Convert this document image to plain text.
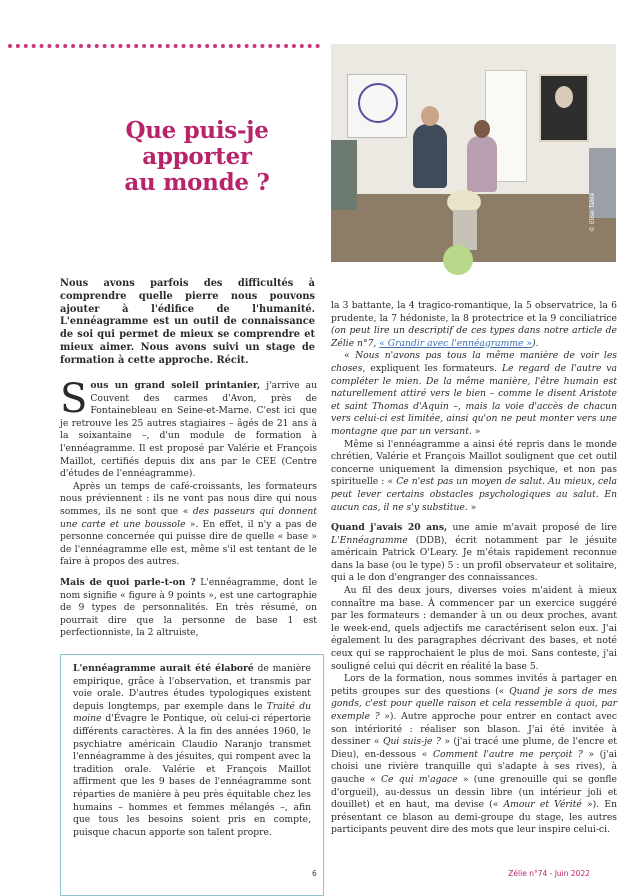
Que puis-je
apporter
au monde ?
© Elise Tablé
Nous avons parfois des difficultés à comprendre quelle pierre nous pouvons ajouter à l'édifice de l'humanité. L'ennéagramme est un outil de connaissance de soi qui permet de mieux se comprendre et mieux aimer. Nous avons suivi un stage de formation à cette approche. Récit.

Sous un grand soleil printanier, j'arrive au Couvent des carmes d'Avon, près de Fontainebleau en Seine-et-Marne. C'est ici que je retrouve les 25 autres stagiaires – âgés de 21 ans à la soixantaine –, d'un module de formation à l'ennéagramme. Il est proposé par Valérie et François Maillot, certifiés depuis dix ans par le CEE (Centre d'études de l'ennéagramme).

Après un temps de café-croissants, les formateurs nous préviennent : ils ne vont pas nous dire qui nous sommes, ils ne sont que « des passeurs qui donnent une carte et une boussole ». En effet, il n'y a pas de personne concernée qui puisse dire de quelle « base » de l'ennéagramme elle est, même s'il est tentant de le faire à propos des autres.

Mais de quoi parle-t-on ? L'ennéagramme, dont le nom signifie « figure à 9 points », est une cartographie de 9 types de personnalités. En très résumé, on pourrait dire que la personne de base 1 est perfectionniste, la 2 altruiste,

L'ennéagramme aurait été élaboré de manière empirique, grâce à l'observation, et transmis par voie orale. D'autres études typologiques existent depuis longtemps, par exemple dans le Traité du moine d'Évagre le Pontique, où celui-ci répertorie différents caractères. À la fin des années 1960, le psychiatre américain Claudio Naranjo transmet l'ennéagramme à des jésuites, qui rompent avec la tradition orale. Valérie et François Maillot affirment que les 9 bases de l'ennéagramme sont réparties de manière à peu près équitable chez les humains – hommes et femmes mélangés –, afin que tous les besoins soient pris en compte, puisque chacun apporte son talent propre.

la 3 battante, la 4 tragico-romantique, la 5 observatrice, la 6 prudente, la 7 hédoniste, la 8 protectrice et la 9 conciliatrice (on peut lire un descriptif de ces types dans notre article de Zélie n°7, « Grandir avec l'ennéagramme »).

« Nous n'avons pas tous la même manière de voir les choses, expliquent les formateurs. Le regard de l'autre va compléter le mien. De la même manière, l'être humain est naturellement attiré vers le bien – comme le disent Aristote et saint Thomas d'Aquin –, mais la voie d'accès de chacun vers celui-ci est limitée, ainsi qu'on ne peut monter vers une montagne que par un versant. »

Même si l'ennéagramme a ainsi été repris dans le monde chrétien, Valérie et François Maillot soulignent que cet outil concerne uniquement la dimension psychique, et non pas spirituelle : « Ce n'est pas un moyen de salut. Au mieux, cela peut lever certains obstacles psychologiques au salut. En aucun cas, il ne s'y substitue. »

Quand j'avais 20 ans, une amie m'avait proposé de lire L'Ennéagramme (DDB), écrit notamment par le jésuite américain Patrick O'Leary. Je m'étais rapidement reconnue dans la base (ou le type) 5 : un profil observateur et solitaire, qui a le don d'engranger des connaissances.

Au fil des deux jours, diverses voies m'aident à mieux connaître ma base. À commencer par un exercice suggéré par les formateurs : demander à un ou deux proches, avant le week-end, quels adjectifs me caractérisent selon eux. J'ai également lu des paragraphes décrivant des bases, et noté ceux qui se rapprochaient le plus de moi. Sans conteste, j'ai souligné celui qui décrit en réalité la base 5.

Lors de la formation, nous sommes invités à partager en petits groupes sur des questions (« Quand je sors de mes gonds, c'est pour quelle raison et cela ressemble à quoi, par exemple ? »). Autre approche pour entrer en contact avec son intériorité : réaliser son blason. J'ai été invitée à dessiner « Qui suis-je ? » (j'ai tracé une plume, de l'encre et Dieu), en-dessous « Comment l'autre me perçoit ? » (j'ai choisi une rivière tranquille qui s'adapte à ses rives), à gauche « Ce qui m'agace » (une grenouille qui se gonfle d'orgueil), au-dessus un dessin libre (un intérieur joli et douillet) et en haut, ma devise (« Amour et Vérité »). En présentant ce blason au demi-groupe du stage, les autres participants peuvent dire des mots que leur inspire celui-ci.

6	Zélie n°74 - Juin 2022
